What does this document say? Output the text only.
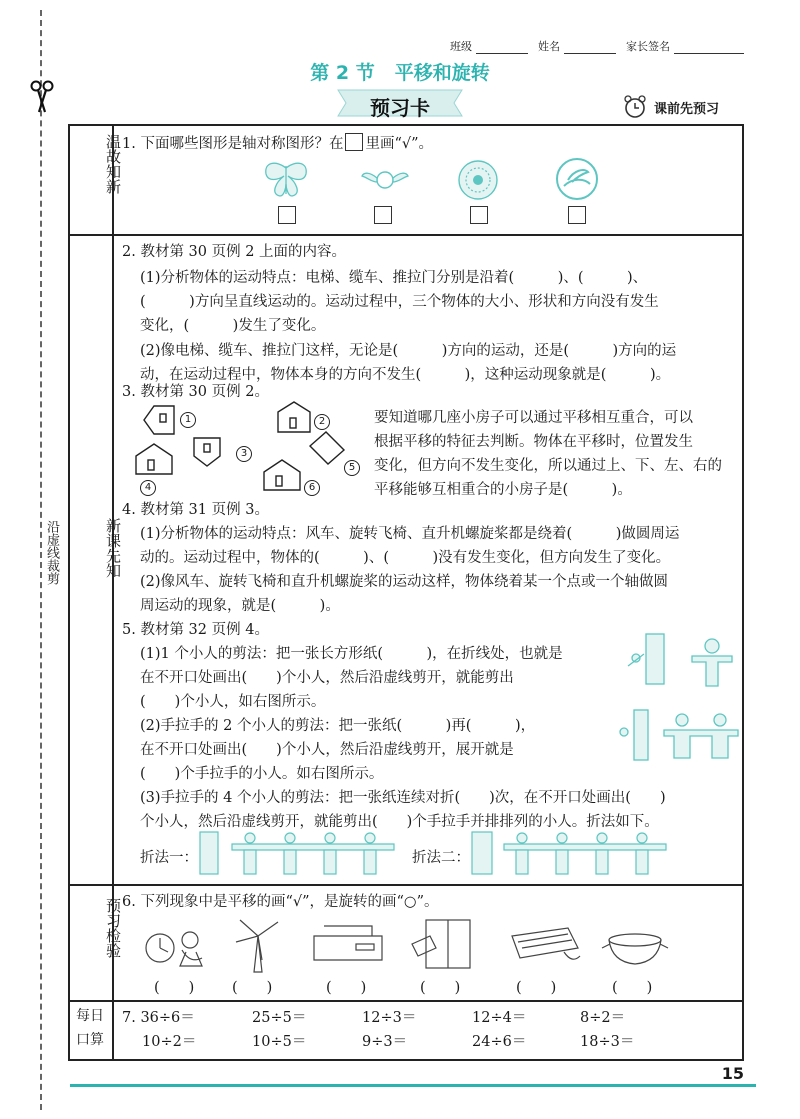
班级	姓名	家长签名
第 2 节 平移和旋转
预习卡	课前先预习
沿虚线裁剪
温故知新
新课先知
预习检验
每日口算
1. 下面哪些图形是轴对称图形？在 里画“√”。
2. 教材第 30 页例 2 上面的内容。
(1)分析物体的运动特点：电梯、缆车、推拉门分别是沿着(　　　)、(　　　)、
(　　　)方向呈直线运动的。运动过程中，三个物体的大小、形状和方向没有发生
变化，(　　　)发生了变化。
(2)像电梯、缆车、推拉门这样，无论是(　　　)方向的运动，还是(　　　)方向的运
动，在运动过程中，物体本身的方向不发生(　　　)，这种运动现象就是(　　　)。
3. 教材第 30 页例 2。
1	2
3
4
5
6
要知道哪几座小房子可以通过平移相互重合，可以
根据平移的特征去判断。物体在平移时，位置发生
变化，但方向不发生变化，所以通过上、下、左、右的
平移能够互相重合的小房子是(　　　)。
4. 教材第 31 页例 3。
(1)分析物体的运动特点：风车、旋转飞椅、直升机螺旋桨都是绕着(　　　)做圆周运
动的。运动过程中，物体的(　　　)、(　　　)没有发生变化，但方向发生了变化。
(2)像风车、旋转飞椅和直升机螺旋桨的运动这样，物体绕着某一个点或一个轴做圆
周运动的现象，就是(　　　)。
5. 教材第 32 页例 4。
(1)1 个小人的剪法：把一张长方形纸(　　　)，在折线处，也就是
在不开口处画出(　　)个小人，然后沿虚线剪开，就能剪出
(　　)个小人，如右图所示。
(2)手拉手的 2 个小人的剪法：把一张纸(　　　)再(　　　)，
在不开口处画出(　　)个小人，然后沿虚线剪开，展开就是
(　　)个手拉手的小人。如右图所示。
(3)手拉手的 4 个小人的剪法：把一张纸连续对折(　　)次，在不开口处画出(　　)
个小人，然后沿虚线剪开，就能剪出(　　)个手拉手并排排列的小人。折法如下。
折法一：	折法二：
6. 下列现象中是平移的画“√”，是旋转的画“○”。
(　　)	(　　)	(　　)	(　　)	(　　)	(　　)
7. 36÷6＝	25÷5＝	12÷3＝	12÷4＝	8÷2＝
10÷2＝	10÷5＝	9÷3＝	24÷6＝	18÷3＝
15
